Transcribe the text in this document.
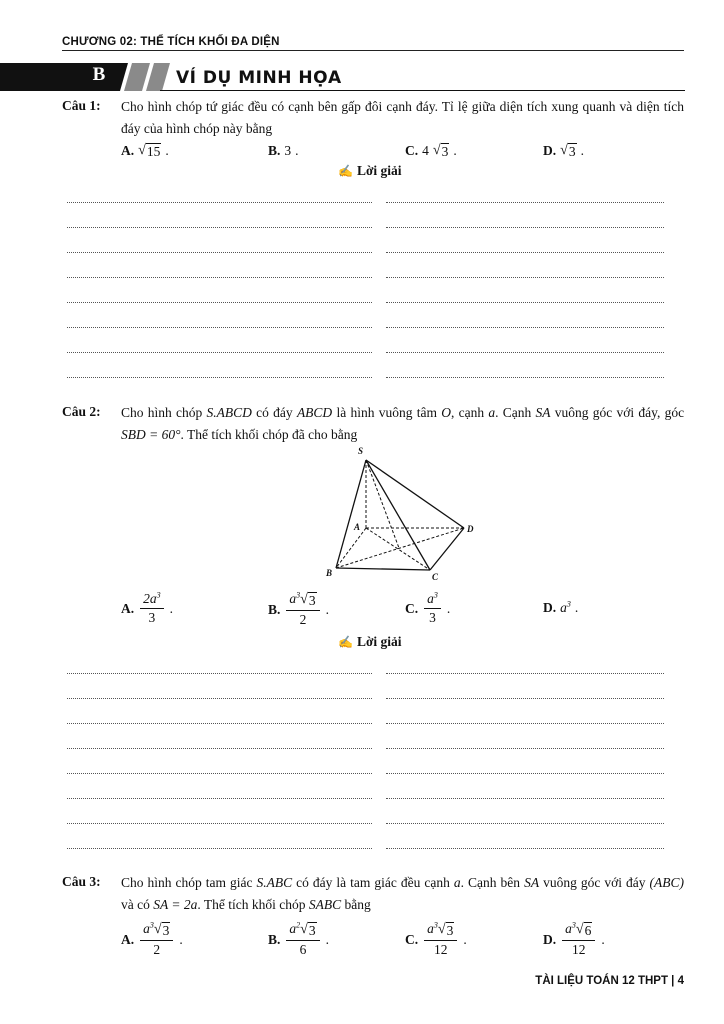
CHƯƠNG 02: THỂ TÍCH KHỐI ĐA DIỆN
B	VÍ DỤ MINH HỌA
Câu 1: Cho hình chóp tứ giác đều có cạnh bên gấp đôi cạnh đáy. Tỉ lệ giữa diện tích xung quanh và diện tích đáy của hình chóp này bằng
A. √ 15 .	B. 3 .	C. 4 √ 3 .	D. √ 3 .
✍ Lời giải
Câu 2: Cho hình chóp S.ABCD có đáy ABCD là hình vuông tâm O, cạnh a. Cạnh SA vuông góc với đáy, góc SBD = 60°. Thể tích khối chóp đã cho bằng
S
A
B	C
D
A. $\frac{2a^3}{3}$ .	B. $\frac{a^3 √ 3}{2}$ .	C. $\frac{a^3}{3}$ .	D. $a^3$ .
✍ Lời giải
Câu 3: Cho hình chóp tam giác S.ABC có đáy là tam giác đều cạnh a. Cạnh bên SA vuông góc với đáy (ABC) và có SA = 2a. Thể tích khối chóp SABC bằng
A. $\frac{a^3 √ 3}{2}$ .	B. $\frac{a^2 √ 3}{6}$ .	C. $\frac{a^3 √ 3}{12}$ .	D. $\frac{a^3 √ 6}{12}$ .
TÀI LIỆU TOÁN 12 THPT | 4
